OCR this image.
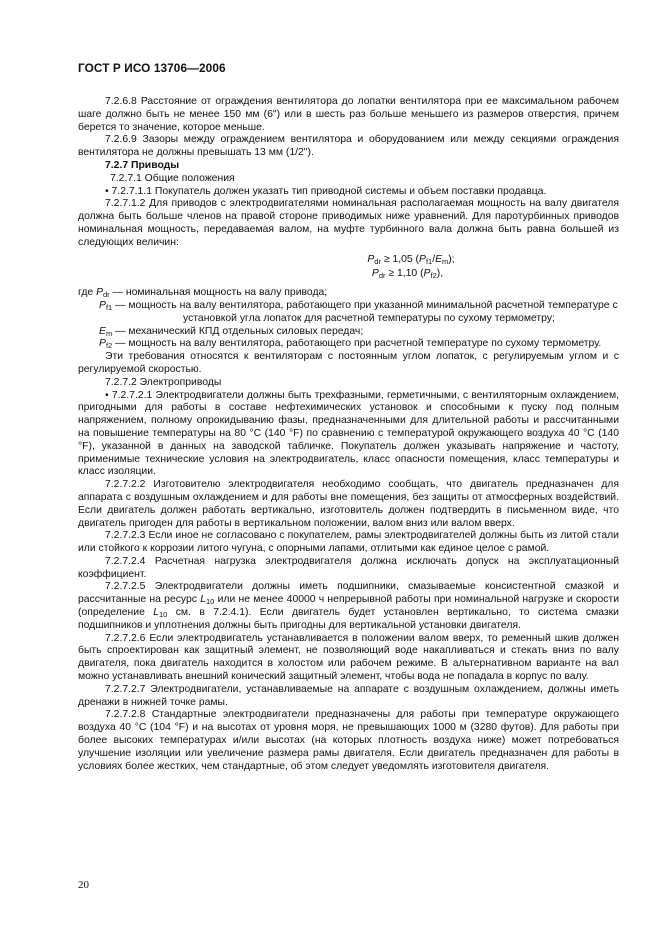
ГОСТ Р ИСО 13706—2006

7.2.6.8 Расстояние от ограждения вентилятора до лопатки вентилятора при ее максимальном рабочем шаге должно быть не менее 150 мм (6") или в шесть раз больше меньшего из размеров отверстия, причем берется то значение, которое меньше.

7.2.6.9 Зазоры между ограждением вентилятора и оборудованием или между секциями ограждения вентилятора не должны превышать 13 мм (1/2").

7.2.7 Приводы

7.2.7.1 Общие положения

• 7.2.7.1.1 Покупатель должен указать тип приводной системы и объем поставки продавца.

7.2.7.1.2 Для приводов с электродвигателями номинальная располагаемая мощность на валу двигателя должна быть больше членов на правой стороне приводимых ниже уравнений. Для паротурбинных приводов номинальная мощность, передаваемая валом, на муфте турбинного вала должна быть равна большей из следующих величин:

$P_{dr} \ge 1,05$ $(P_{f1}/E_m)$;
$P_{dr} \ge 1,10$ $(P_{f2})$,

где $P_{dr}$ — номинальная мощность на валу привода;

$P_{f1}$ — мощность на валу вентилятора, работающего при указанной минимальной расчетной температуре с установкой угла лопаток для расчетной температуры по сухому термометру;

$E_m$ — механический КПД отдельных силовых передач;

$P_{f2}$ — мощность на валу вентилятора, работающего при расчетной температуре по сухому термометру.

Эти требования относятся к вентиляторам с постоянным углом лопаток, с регулируемым углом и с регулируемой скоростью.

7.2.7.2 Электроприводы

• 7.2.7.2.1 Электродвигатели должны быть трехфазными, герметичными, с вентиляторным охлаждением, пригодными для работы в составе нефтехимических установок и способными к пуску под полным напряжением, полному опрокидыванию фазы, предназначенными для длительной работы и рассчитанными на повышение температуры на 80 °С (140 °F) по сравнению с температурой окружающего воздуха 40 °С (140 °F), указанной в данных на заводской табличке. Покупатель должен указывать напряжение и частоту, применимые технические условия на электродвигатель, класс опасности помещения, класс температуры и класс изоляции.

7.2.7.2.2 Изготовителю электродвигателя необходимо сообщать, что двигатель предназначен для аппарата с воздушным охлаждением и для работы вне помещения, без защиты от атмосферных воздействий. Если двигатель должен работать вертикально, изготовитель должен подтвердить в письменном виде, что двигатель пригоден для работы в вертикальном положении, валом вниз или валом вверх.

7.2.7.2.3 Если иное не согласовано с покупателем, рамы электродвигателей должны быть из литой стали или стойкого к коррозии литого чугуна, с опорными лапами, отлитыми как единое целое с рамой.

7.2.7.2.4 Расчетная нагрузка электродвигателя должна исключать допуск на эксплуатационный коэффициент.

7.2.7.2.5 Электродвигатели должны иметь подшипники, смазываемые консистентной смазкой и рассчитанные на ресурс $L_{10}$ или не менее 40000 ч непрерывной работы при номинальной нагрузке и скорости (определение $L_{10}$ см. в 7.2.4.1). Если двигатель будет установлен вертикально, то система смазки подшипников и уплотнения должны быть пригодны для вертикальной установки двигателя.

7.2.7.2.6 Если электродвигатель устанавливается в положении валом вверх, то ременный шкив должен быть спроектирован как защитный элемент, не позволяющий воде накапливаться и стекать вниз по валу двигателя, пока двигатель находится в холостом или рабочем режиме. В альтернативном варианте на вал можно устанавливать внешний конический защитный элемент, чтобы вода не попадала в корпус по валу.

7.2.7.2.7 Электродвигатели, устанавливаемые на аппарате с воздушным охлаждением, должны иметь дренажи в нижней точке рамы.

7.2.7.2.8 Стандартные электродвигатели предназначены для работы при температуре окружающего воздуха 40 °С (104 °F) и на высотах от уровня моря, не превышающих 1000 м (3280 футов). Для работы при более высоких температурах и/или высотах (на которых плотность воздуха ниже) может потребоваться улучшение изоляции или увеличение размера рамы двигателя. Если двигатель предназначен для работы в условиях более жестких, чем стандартные, об этом следует уведомлять изготовителя двигателя.

20
